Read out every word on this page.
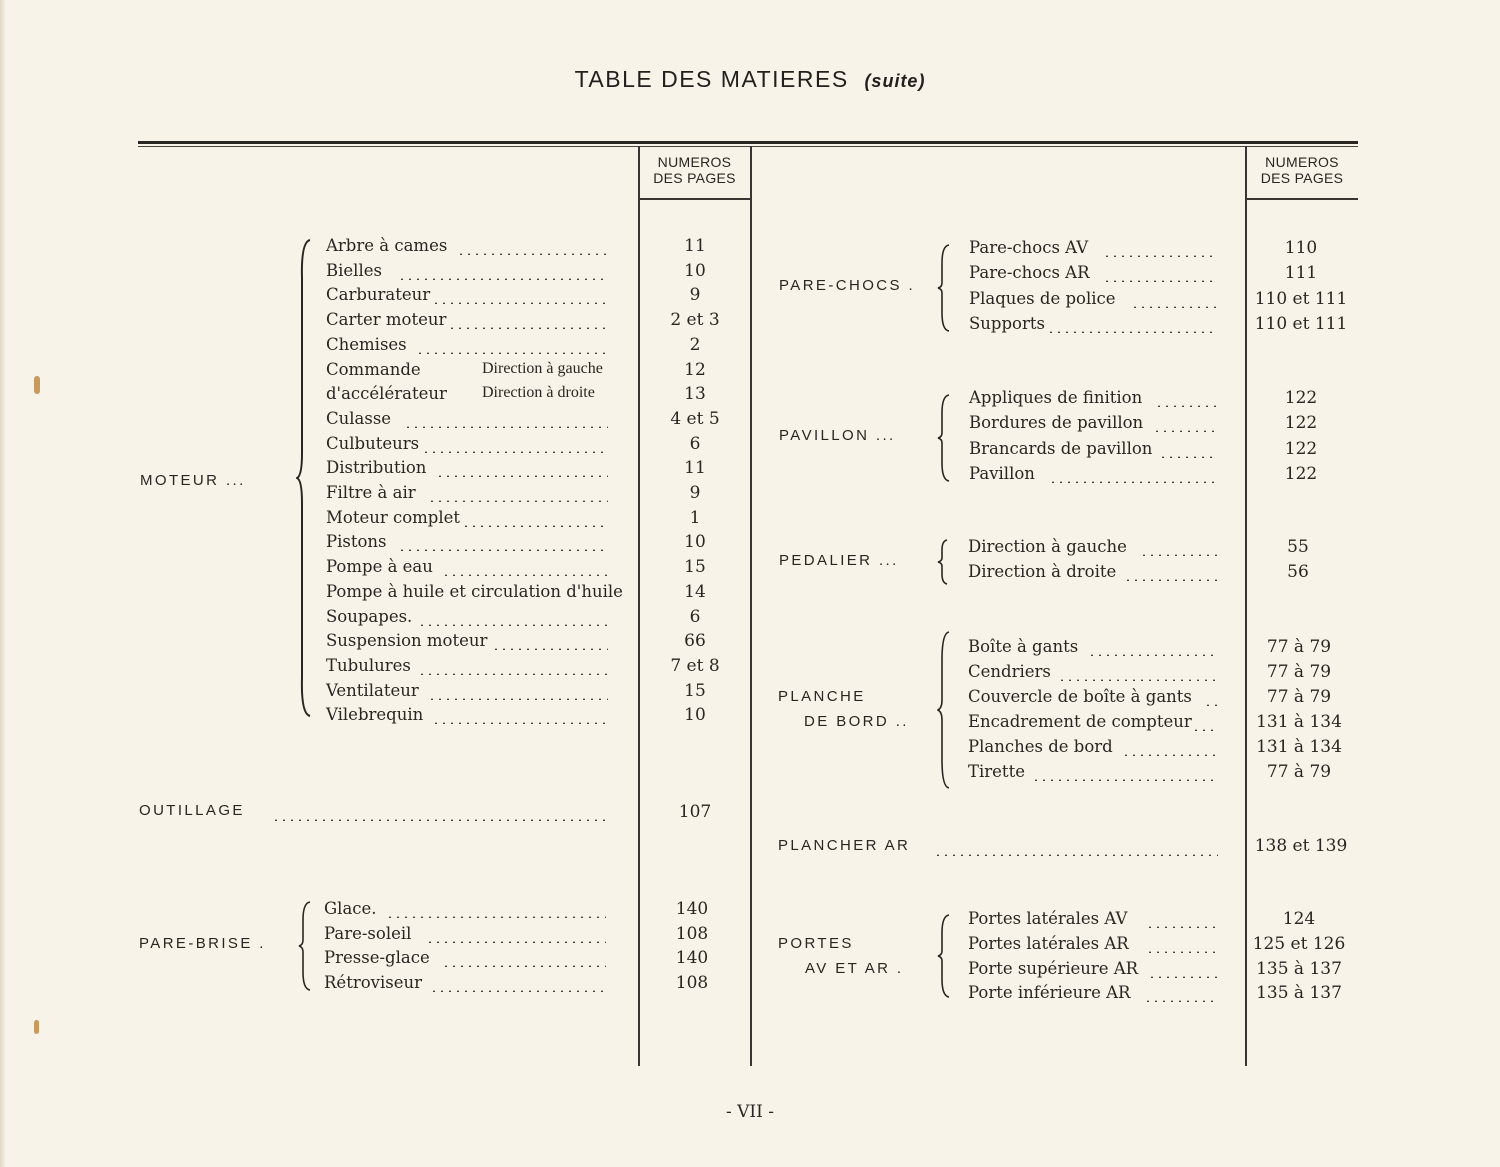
TABLE DES MATIERES (suite)
NUMEROS
DES PAGES
NUMEROS
DES PAGES
MOTEUR ...
Arbre à cames	11
Bielles	10
Carburateur	9
Carter moteur	2 et 3
Chemises	2
Commande	Direction à gauche	12
d'accélérateur Direction à droite	13
Culasse	4 et 5
Culbuteurs	6
Distribution	11
Filtre à air	9
Moteur complet	1
Pistons	10
Pompe à eau	15
Pompe à huile et circulation d'huile	14
Soupapes.	6
Suspension moteur	66
Tubulures	7 et 8
Ventilateur	15
Vilebrequin	10
OUTILLAGE	107
PARE-BRISE .
Glace.	140
Pare-soleil	108
Presse-glace	140
Rétroviseur	108
PARE-CHOCS .
Pare-chocs AV	110
Pare-chocs AR	111
Plaques de police	110 et 111
Supports	110 et 111
PAVILLON ...
Appliques de finition	122
Bordures de pavillon	122
Brancards de pavillon	122
Pavillon	122
PEDALIER ...
Direction à gauche	55
Direction à droite	56
PLANCHE
DE BORD ..
Boîte à gants	77 à 79
Cendriers	77 à 79
Couvercle de boîte à gants	77 à 79
Encadrement de compteur	131 à 134
Planches de bord	131 à 134
Tirette	77 à 79
PLANCHER AR	138 et 139
PORTES
AV ET AR .
Portes latérales AV	124
Portes latérales AR	125 et 126
Porte supérieure AR	135 à 137
Porte inférieure AR	135 à 137
- VII -
